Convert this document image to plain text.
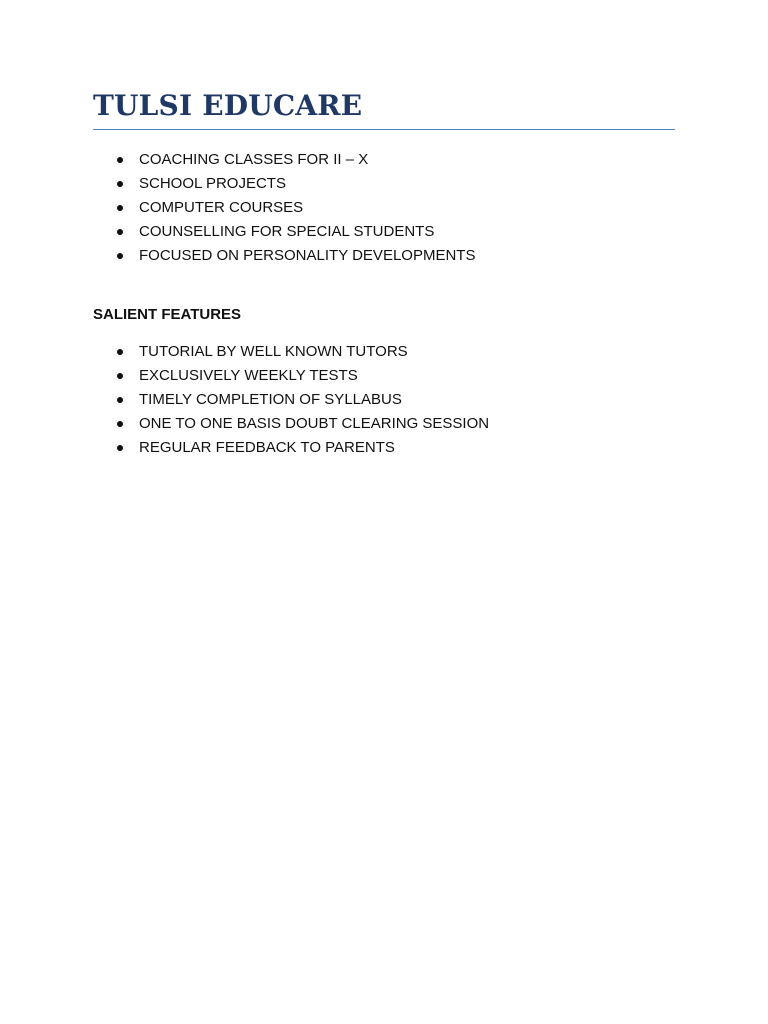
TULSI EDUCARE
COACHING CLASSES FOR II – X
SCHOOL PROJECTS
COMPUTER COURSES
COUNSELLING FOR SPECIAL STUDENTS
FOCUSED ON PERSONALITY DEVELOPMENTS
SALIENT FEATURES
TUTORIAL BY WELL KNOWN TUTORS
EXCLUSIVELY WEEKLY TESTS
TIMELY COMPLETION OF SYLLABUS
ONE TO ONE BASIS DOUBT CLEARING SESSION
REGULAR FEEDBACK TO PARENTS
